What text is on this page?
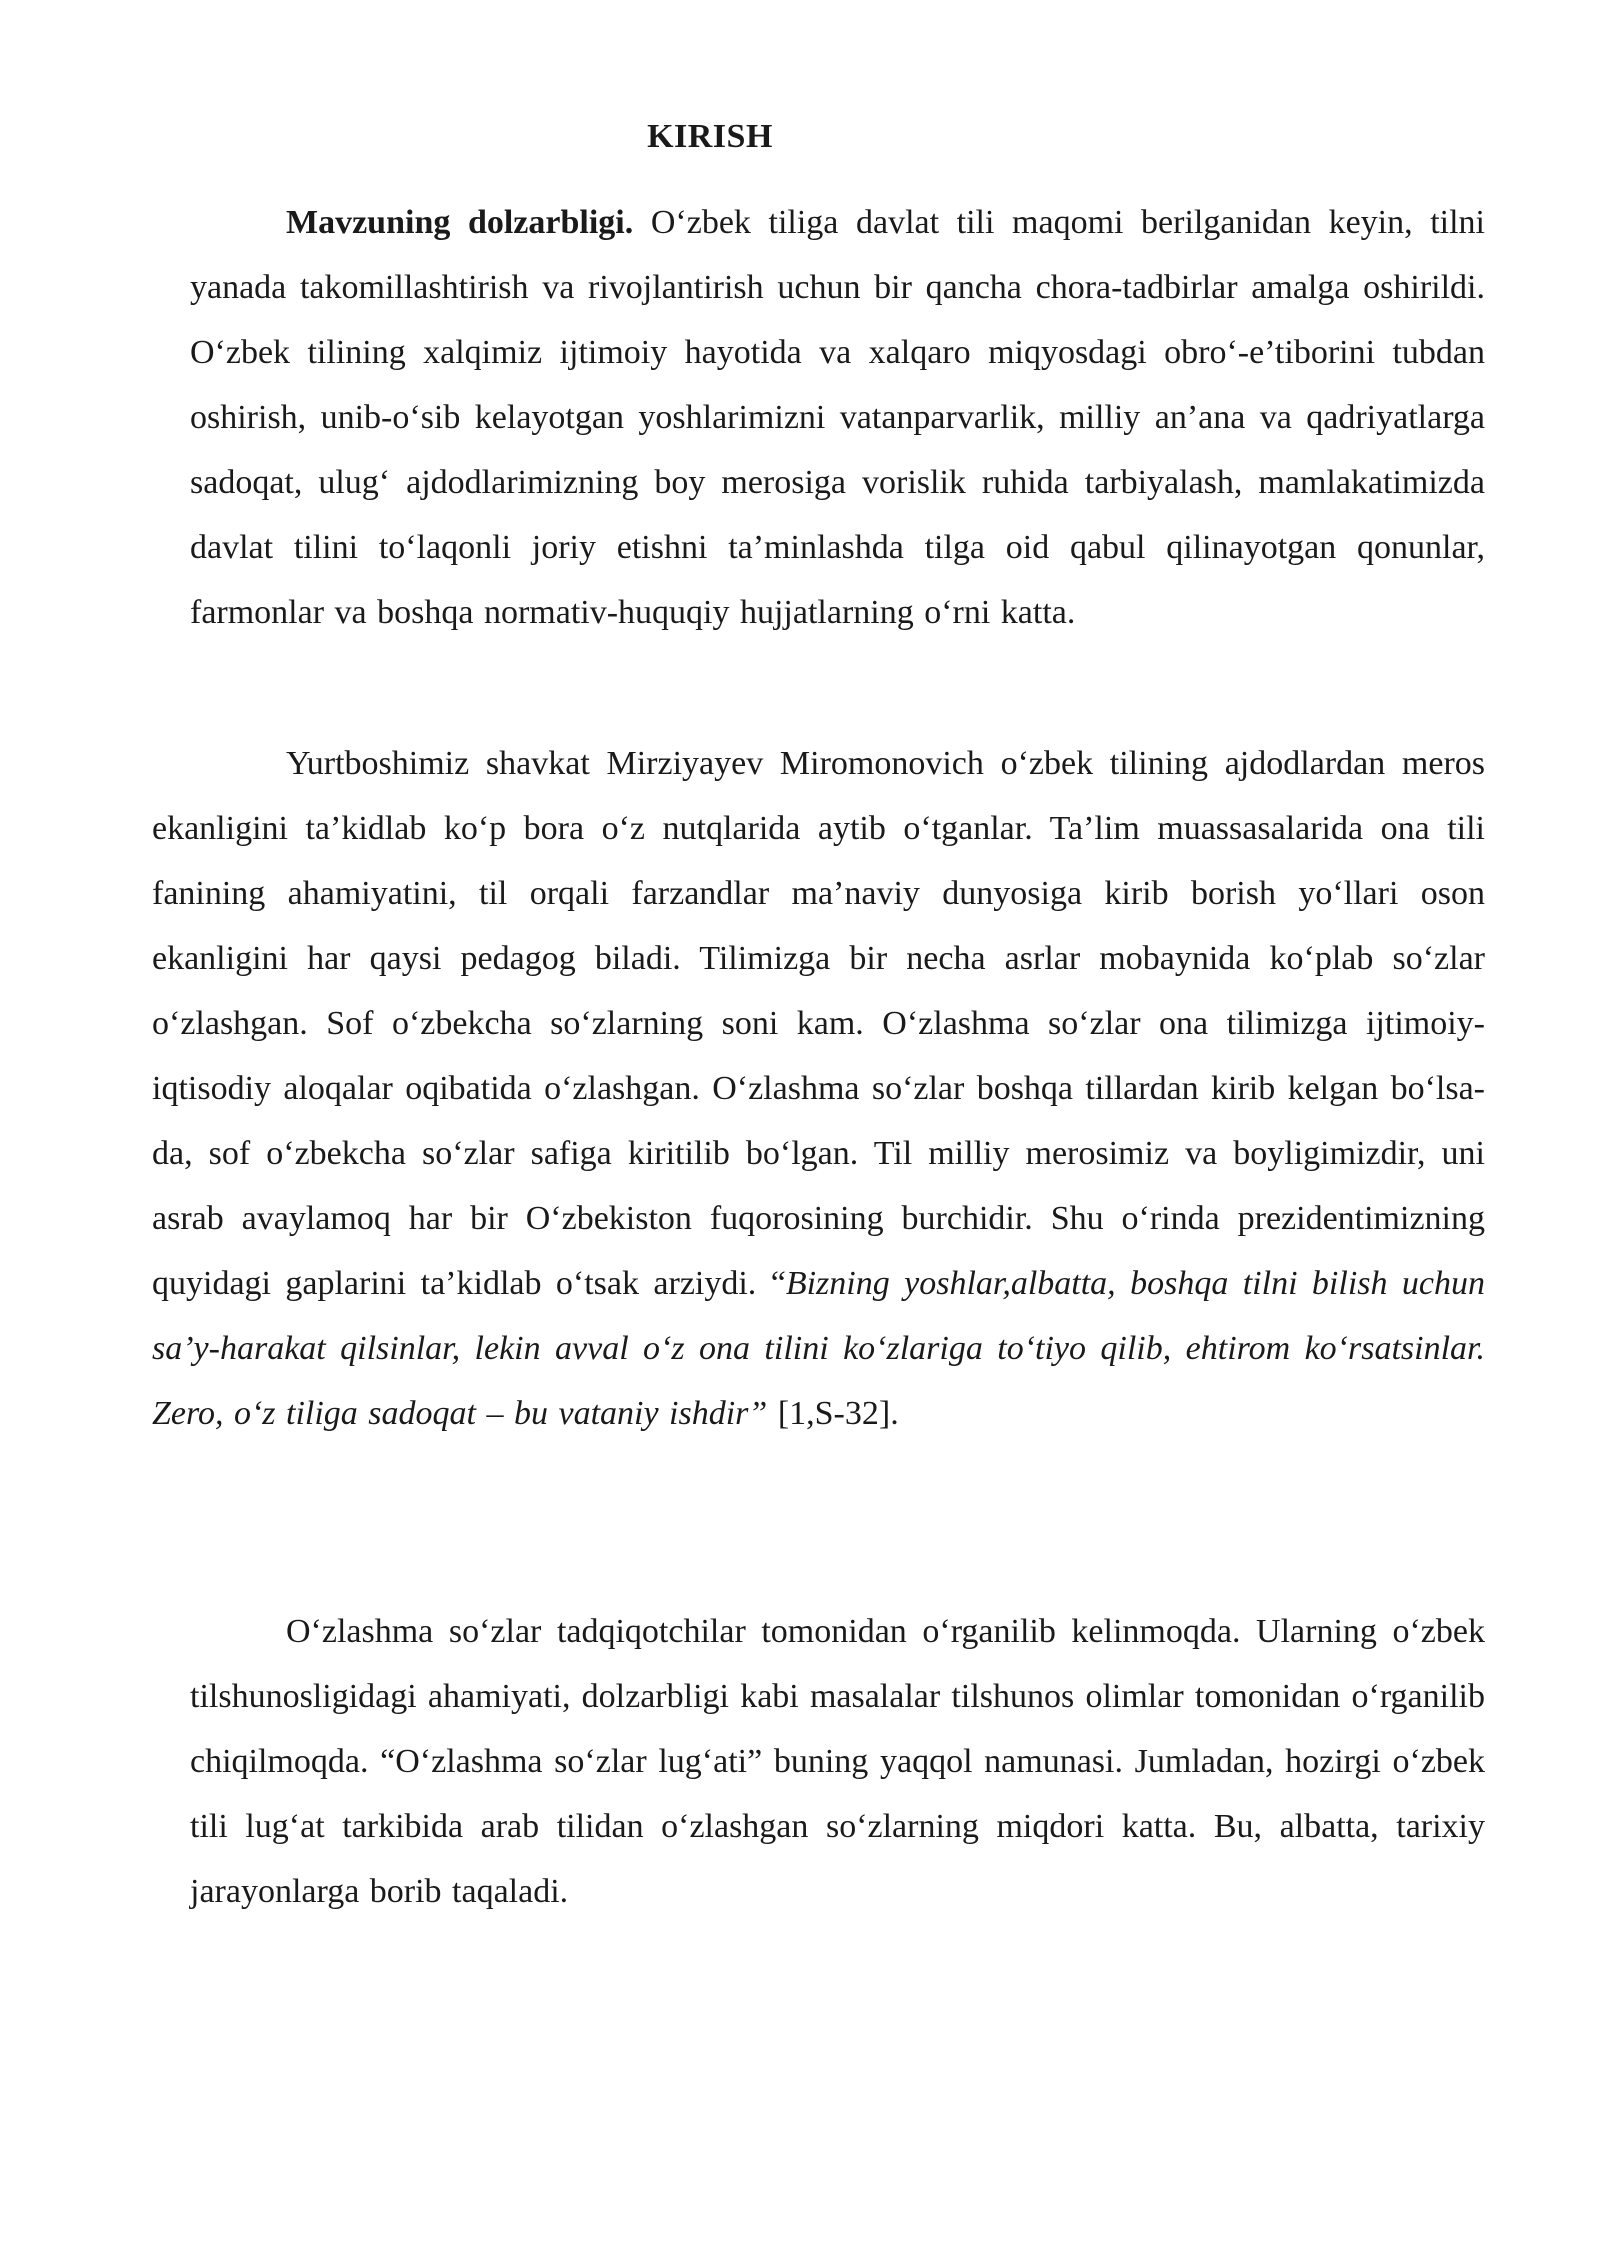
KIRISH

Mavzuning dolzarbligi. O‘zbek tiliga davlat tili maqomi berilganidan keyin, tilni yanada takomillashtirish va rivojlantirish uchun bir qancha chora-tadbirlar amalga oshirildi. O‘zbek tilining xalqimiz ijtimoiy hayotida va xalqaro miqyosdagi obro‘-e’tiborini tubdan oshirish, unib-o‘sib kelayotgan yoshlarimizni vatanparvarlik, milliy an’ana va qadriyatlarga sadoqat, ulug‘ ajdodlarimizning boy merosiga vorislik ruhida tarbiyalash, mamlakatimizda davlat tilini to‘laqonli joriy etishni ta’minlashda tilga oid qabul qilinayotgan qonunlar, farmonlar va boshqa normativ-huquqiy hujjatlarning o‘rni katta.

Yurtboshimiz shavkat Mirziyayev Miromonovich o‘zbek tilining ajdodlardan meros ekanligini ta’kidlab ko‘p bora o‘z nutqlarida aytib o‘tganlar. Ta’lim muassasalarida ona tili fanining ahamiyatini, til orqali farzandlar ma’naviy dunyosiga kirib borish yo‘llari oson ekanligini har qaysi pedagog biladi. Tilimizga bir necha asrlar mobaynida ko‘plab so‘zlar o‘zlashgan. Sof o‘zbekcha so‘zlarning soni kam. O‘zlashma so‘zlar ona tilimizga ijtimoiy-iqtisodiy aloqalar oqibatida o‘zlashgan. O‘zlashma so‘zlar boshqa tillardan kirib kelgan bo‘lsa-da, sof o‘zbekcha so‘zlar safiga kiritilib bo‘lgan. Til milliy merosimiz va boyligimizdir, uni asrab avaylamoq har bir O‘zbekiston fuqorosining burchidir. Shu o‘rinda prezidentimizning quyidagi gaplarini ta’kidlab o‘tsak arziydi. “Bizning yoshlar,albatta, boshqa tilni bilish uchun sa’y-harakat qilsinlar, lekin avval o‘z ona tilini ko‘zlariga to‘tiyo qilib, ehtirom ko‘rsatsinlar. Zero, o‘z tiliga sadoqat – bu vataniy ishdir” [1,S-32].

O‘zlashma so‘zlar tadqiqotchilar tomonidan o‘rganilib kelinmoqda. Ularning o‘zbek tilshunosligidagi ahamiyati, dolzarbligi kabi masalalar tilshunos olimlar tomonidan o‘rganilib chiqilmoqda. “O‘zlashma so‘zlar lug‘ati” buning yaqqol namunasi. Jumladan, hozirgi o‘zbek tili lug‘at tarkibida arab tilidan o‘zlashgan so‘zlarning miqdori katta. Bu, albatta, tarixiy jarayonlarga borib taqaladi.
